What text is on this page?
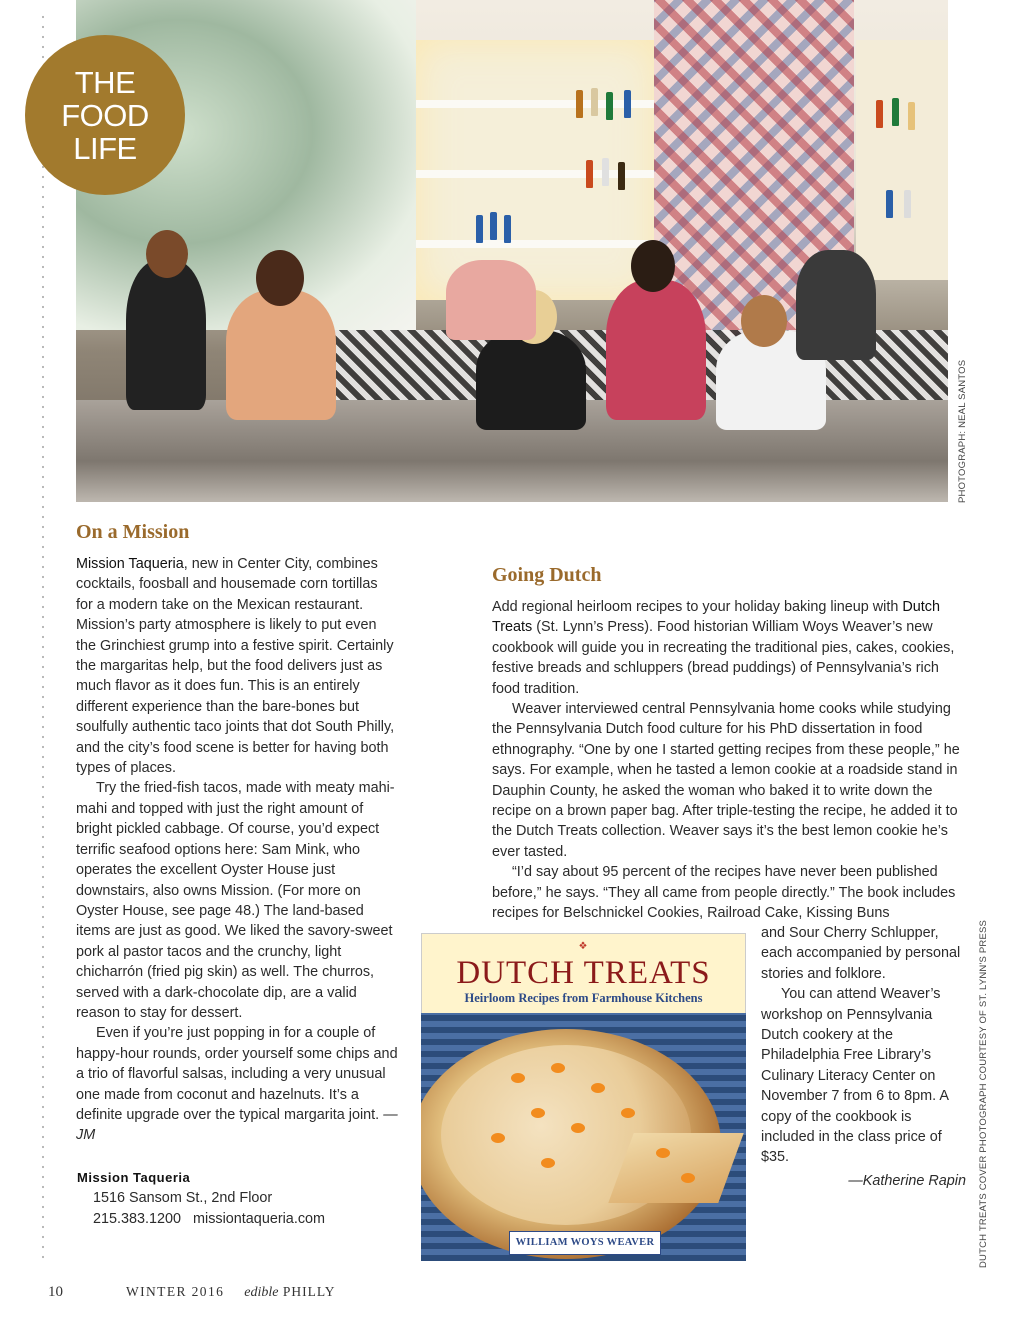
THE
FOOD
LIFE
PHOTOGRAPH: NEAL SANTOS
DUTCH TREATS COVER PHOTOGRAPH COURTESY OF ST. LYNN'S PRESS
On a Mission

Mission Taqueria, new in Center City, combines cocktails, foosball and housemade corn tortillas for a modern take on the Mexican restaurant. Mission’s party atmosphere is likely to put even the Grinchiest grump into a festive spirit. Certainly the margaritas help, but the food delivers just as much flavor as it does fun. This is an entirely different experience than the bare-bones but soulfully authentic taco joints that dot South Philly, and the city’s food scene is better for having both types of places.

Try the fried-fish tacos, made with meaty mahi-mahi and topped with just the right amount of bright pickled cabbage. Of course, you’d expect terrific seafood options here: Sam Mink, who operates the excellent Oyster House just downstairs, also owns Mission. (For more on Oyster House, see page 48.) The land-based items are just as good. We liked the savory-sweet pork al pastor tacos and the crunchy, light chicharrón (fried pig skin) as well. The churros, served with a dark-chocolate dip, are a valid reason to stay for dessert.

Even if you’re just popping in for a couple of happy-hour rounds, order yourself some chips and a trio of flavorful salsas, including a very unusual one made from coconut and hazelnuts. It’s a definite upgrade over the typical margarita joint. —JM

Mission Taqueria
1516 Sansom St., 2nd Floor
215.383.1200 missiontaqueria.com
Going Dutch

Add regional heirloom recipes to your holiday baking lineup with Dutch Treats (St. Lynn’s Press). Food historian William Woys Weaver’s new cookbook will guide you in recreating the traditional pies, cakes, cookies, festive breads and schluppers (bread puddings) of Pennsylvania’s rich food tradition.

Weaver interviewed central Pennsylvania home cooks while studying the Pennsylvania Dutch food culture for his PhD dissertation in food ethnography. “One by one I started getting recipes from these people,” he says. For example, when he tasted a lemon cookie at a roadside stand in Dauphin County, he asked the woman who baked it to write down the recipe on a brown paper bag. After triple-testing the recipe, he added it to the Dutch Treats collection. Weaver says it’s the best lemon cookie he’s ever tasted.

“I’d say about 95 percent of the recipes have never been published before,” he says. “They all came from people directly.” The book includes recipes for Belschnickel Cookies, Railroad Cake, Kissing Buns

and Sour Cherry Schlupper, each accompanied by personal stories and folklore.

You can attend Weaver’s workshop on Pennsylvania Dutch cookery at the Philadelphia Free Library’s Culinary Literacy Center on November 7 from 6 to 8pm. A copy of the cookbook is included in the class price of $35.

—Katherine Rapin

❖
DUTCH TREATS
Heirloom Recipes from Farmhouse Kitchens
WILLIAM WOYS WEAVER
10	WINTER 2016 edible PHILLY
